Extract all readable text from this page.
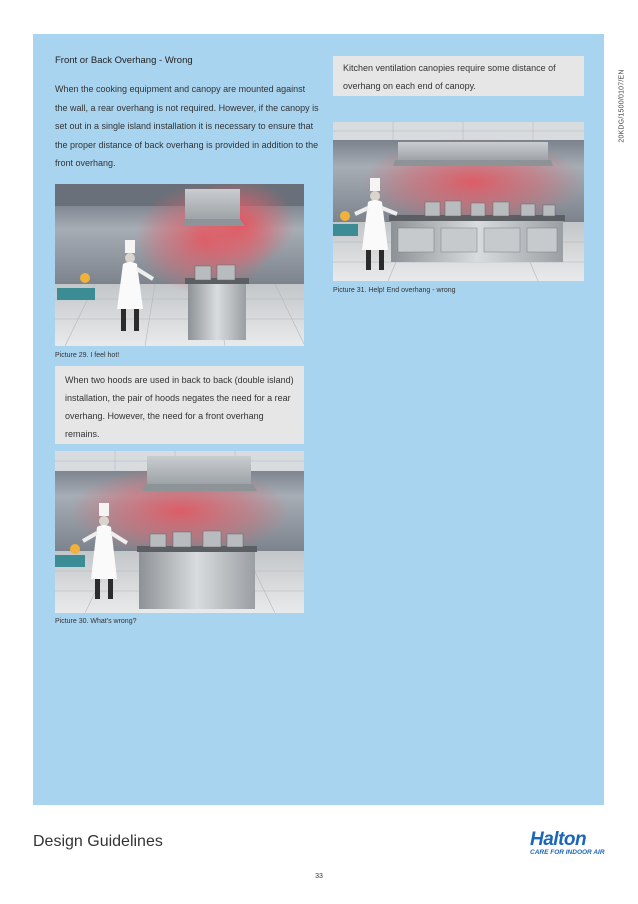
20KDG/1500/0107/EN
Front or Back Overhang - Wrong
When the cooking equipment and canopy are mounted against the wall, a rear overhang is not required. However, if the canopy is set out in a single island installation it is necessary to ensure that the proper distance of back overhang is provided in addition to the front overhang.
Kitchen ventilation canopies require some distance of overhang on each end of canopy.
Picture 29. I feel hot!
When two hoods are used in back to back (double island) installation, the pair of hoods negates the need for a rear overhang. However, the need for a front overhang remains.
Picture 30. What's wrong?
Picture 31. Help! End overhang - wrong
Design Guidelines	Halton
CARE FOR INDOOR AIR
33
